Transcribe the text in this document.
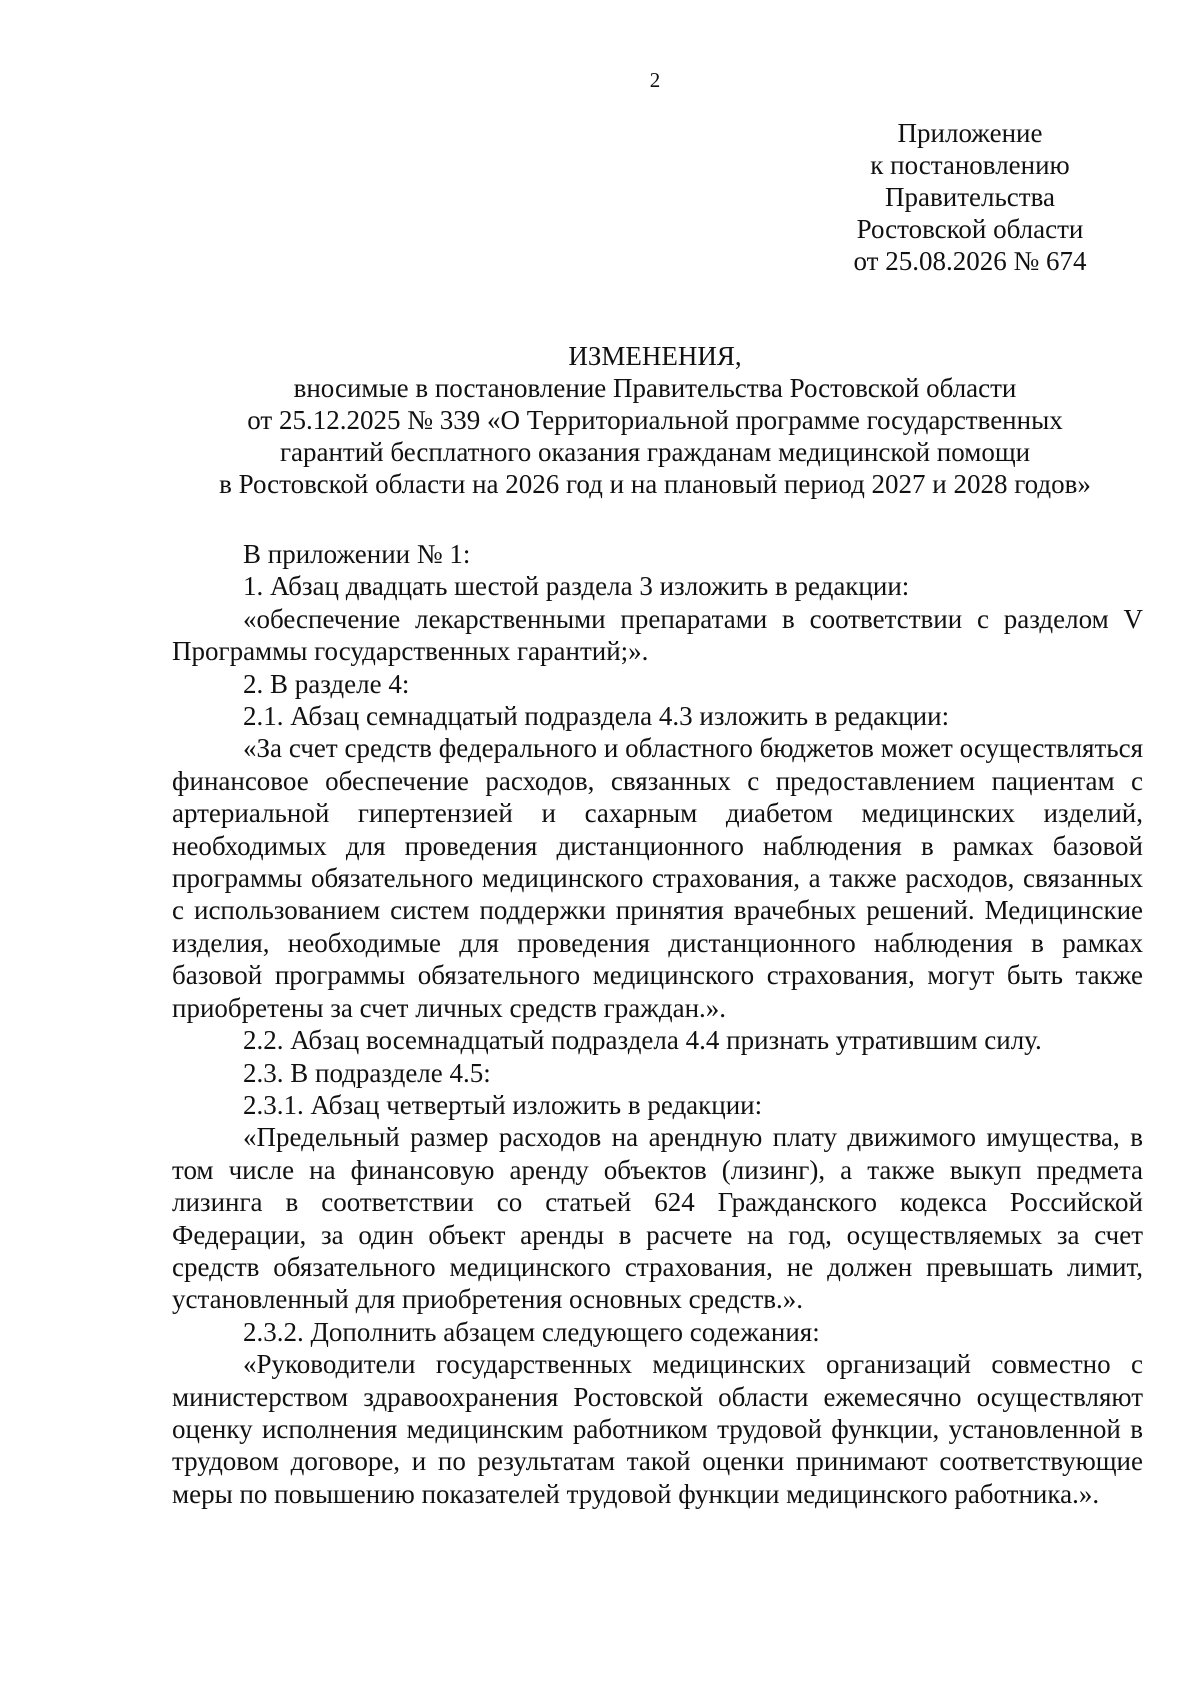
2
Приложение
к постановлению
Правительства
Ростовской области
от 25.08.2026 № 674
ИЗМЕНЕНИЯ,
вносимые в постановление Правительства Ростовской области
от 25.12.2025 № 339 «О Территориальной программе государственных
гарантий бесплатного оказания гражданам медицинской помощи
в Ростовской области на 2026 год и на плановый период 2027 и 2028 годов»

В приложении № 1:

1. Абзац двадцать шестой раздела 3 изложить в редакции:

«обеспечение лекарственными препаратами в соответствии с разделом V Программы государственных гарантий;».

2. В разделе 4:

2.1. Абзац семнадцатый подраздела 4.3 изложить в редакции:

«За счет средств федерального и областного бюджетов может осуществляться финансовое обеспечение расходов, связанных с предоставлением пациентам с артериальной гипертензией и сахарным диабетом медицинских изделий, необходимых для проведения дистанционного наблюдения в рамках базовой программы обязательного медицинского страхования, а также расходов, связанных с использованием систем поддержки принятия врачебных решений. Медицинские изделия, необходимые для проведения дистанционного наблюдения в рамках базовой программы обязательного медицинского страхования, могут быть также приобретены за счет личных средств граждан.».

2.2. Абзац восемнадцатый подраздела 4.4 признать утратившим силу.

2.3. В подразделе 4.5:

2.3.1. Абзац четвертый изложить в редакции:

«Предельный размер расходов на арендную плату движимого имущества, в том числе на финансовую аренду объектов (лизинг), а также выкуп предмета лизинга в соответствии со статьей 624 Гражданского кодекса Российской Федерации, за один объект аренды в расчете на год, осуществляемых за счет средств обязательного медицинского страхования, не должен превышать лимит, установленный для приобретения основных средств.».

2.3.2. Дополнить абзацем следующего содежания:

«Руководители государственных медицинских организаций совместно с министерством здравоохранения Ростовской области ежемесячно осуществляют оценку исполнения медицинским работником трудовой функции, установленной в трудовом договоре, и по результатам такой оценки принимают соответствующие меры по повышению показателей трудовой функции медицинского работника.».
